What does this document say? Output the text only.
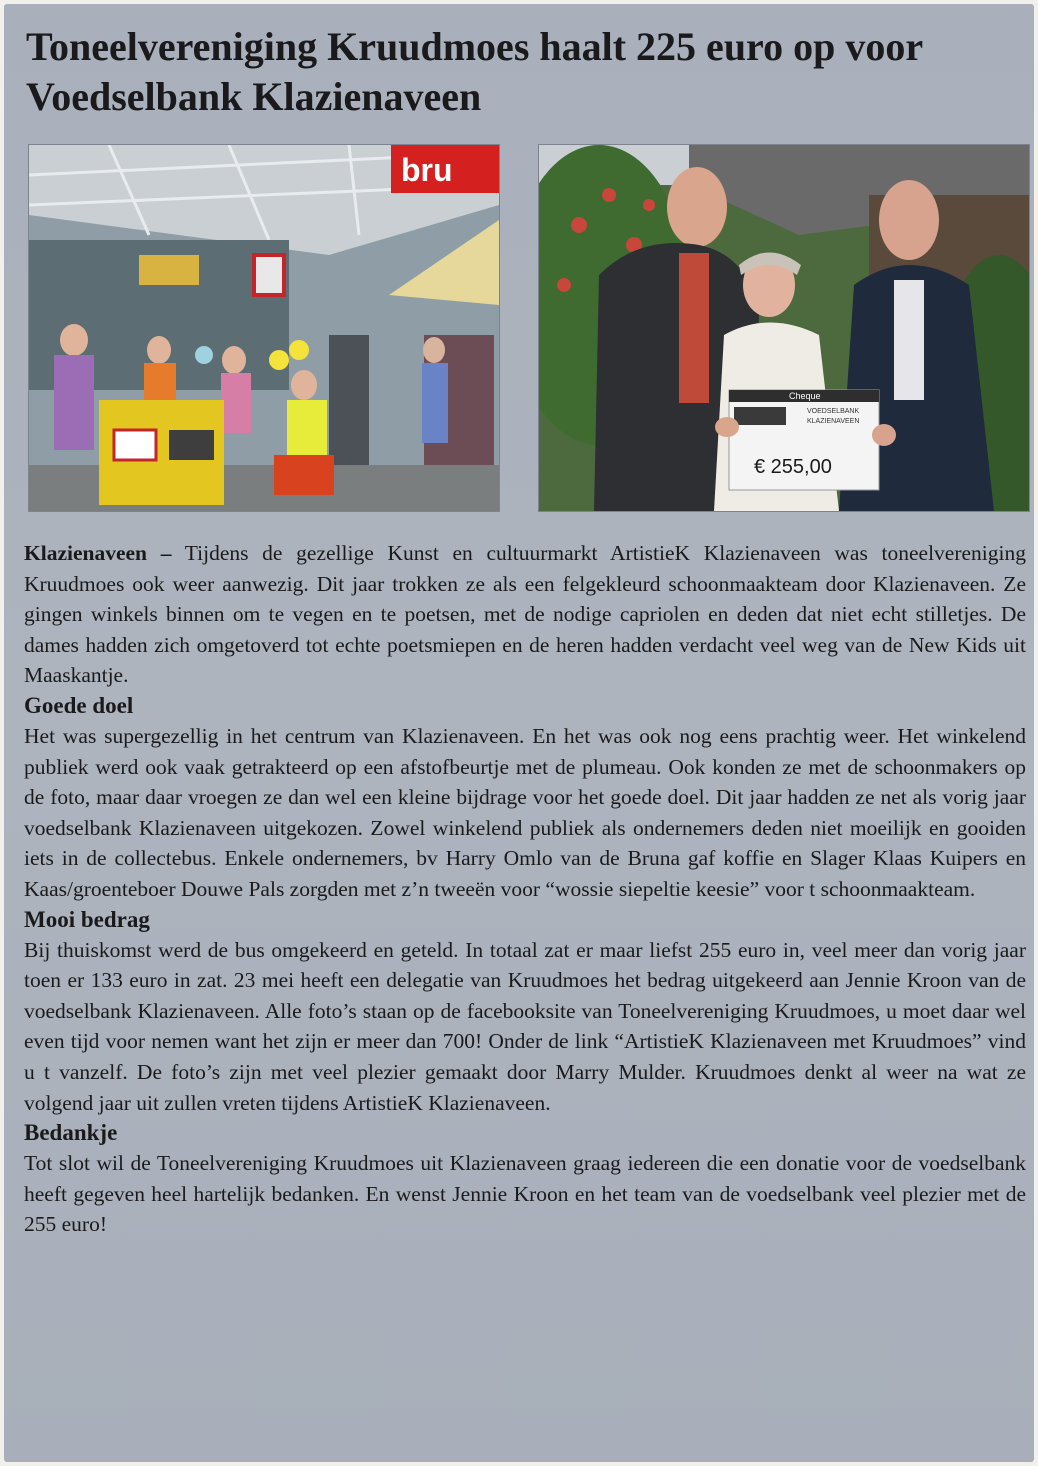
Toneelvereniging Kruudmoes haalt 225 euro op voor Voedselbank Klazienaveen
bru
Cheque
VOEDSELBANK
KLAZIENAVEEN
€ 255,00

Klazienaveen – Tijdens de gezellige Kunst en cultuurmarkt ArtistieK Klazienaveen was toneelvereniging Kruudmoes ook weer aanwezig. Dit jaar trokken ze als een felgekleurd schoonmaakteam door Klazienaveen. Ze gingen winkels binnen om te vegen en te poetsen, met de nodige capriolen en deden dat niet echt stilletjes. De dames hadden zich omgetoverd tot echte poetsmiepen en de heren hadden verdacht veel weg van de New Kids uit Maaskantje.

Goede doel

Het was supergezellig in het centrum van Klazienaveen. En het was ook nog eens prachtig weer. Het winkelend publiek werd ook vaak getrakteerd op een afstofbeurtje met de plumeau. Ook konden ze met de schoonmakers op de foto, maar daar vroegen ze dan wel een kleine bijdrage voor het goede doel. Dit jaar hadden ze net als vorig jaar voedselbank Klazienaveen uitgekozen. Zowel winkelend publiek als ondernemers deden niet moeilijk en gooiden iets in de collectebus. Enkele ondernemers, bv Harry Omlo van de Bruna gaf koffie en Slager Klaas Kuipers en Kaas/groenteboer Douwe Pals zorgden met z’n tweeën voor “wossie siepeltie keesie” voor t schoonmaakteam.

Mooi bedrag

Bij thuiskomst werd de bus omgekeerd en geteld. In totaal zat er maar liefst 255 euro in, veel meer dan vorig jaar toen er 133 euro in zat. 23 mei heeft een delegatie van Kruudmoes het bedrag uitgekeerd aan Jennie Kroon van de voedselbank Klazienaveen. Alle foto’s staan op de facebooksite van Toneelvereniging Kruudmoes, u moet daar wel even tijd voor nemen want het zijn er meer dan 700! Onder de link “ArtistieK Klazienaveen met Kruudmoes” vind u t vanzelf. De foto’s zijn met veel plezier gemaakt door Marry Mulder. Kruudmoes denkt al weer na wat ze volgend jaar uit zullen vreten tijdens ArtistieK Klazienaveen.

Bedankje

Tot slot wil de Toneelvereniging Kruudmoes uit Klazienaveen graag iedereen die een donatie voor de voedselbank heeft gegeven heel hartelijk bedanken. En wenst Jennie Kroon en het team van de voedselbank veel plezier met de 255 euro!
